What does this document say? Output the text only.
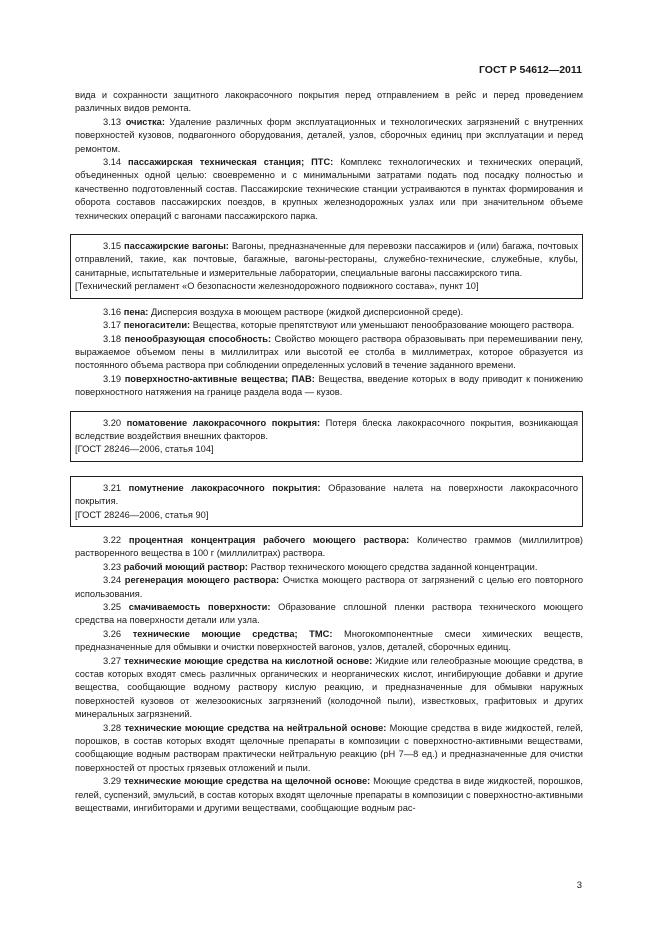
ГОСТ Р 54612—2011

вида и сохранности защитного лакокрасочного покрытия перед отправлением в рейс и перед проведением различных видов ремонта.

3.13 очистка: Удаление различных форм эксплуатационных и технологических загрязнений с внутренних поверхностей кузовов, подвагонного оборудования, деталей, узлов, сборочных единиц при эксплуатации и перед ремонтом.

3.14 пассажирская техническая станция; ПТС: Комплекс технологических и технических операций, объединенных одной целью: своевременно и с минимальными затратами подать под посадку полностью и качественно подготовленный состав. Пассажирские технические станции устраиваются в пунктах формирования и оборота составов пассажирских поездов, в крупных железнодорожных узлах или при значительном объеме технических операций с вагонами пассажирского парка.

3.15 пассажирские вагоны: Вагоны, предназначенные для перевозки пассажиров и (или) багажа, почтовых отправлений, такие, как почтовые, багажные, вагоны-рестораны, служебно-технические, служебные, клубы, санитарные, испытательные и измерительные лаборатории, специальные вагоны пассажирского типа.

[Технический регламент «О безопасности железнодорожного подвижного состава», пункт 10]

3.16 пена: Дисперсия воздуха в моющем растворе (жидкой дисперсионной среде).

3.17 пеногасители: Вещества, которые препятствуют или уменьшают пенообразование моющего раствора.

3.18 пенообразующая способность: Свойство моющего раствора образовывать при перемешивании пену, выражаемое объемом пены в миллилитрах или высотой ее столба в миллиметрах, которое образуется из постоянного объема раствора при соблюдении определенных условий в течение заданного времени.

3.19 поверхностно-активные вещества; ПАВ: Вещества, введение которых в воду приводит к понижению поверхностного натяжения на границе раздела вода — кузов.

3.20 поматовение лакокрасочного покрытия: Потеря блеска лакокрасочного покрытия, возникающая вследствие воздействия внешних факторов.

[ГОСТ 28246—2006, статья 104]

3.21 помутнение лакокрасочного покрытия: Образование налета на поверхности лакокрасочного покрытия.

[ГОСТ 28246—2006, статья 90]

3.22 процентная концентрация рабочего моющего раствора: Количество граммов (миллилитров) растворенного вещества в 100 г (миллилитрах) раствора.

3.23 рабочий моющий раствор: Раствор технического моющего средства заданной концентрации.

3.24 регенерация моющего раствора: Очистка моющего раствора от загрязнений с целью его повторного использования.

3.25 смачиваемость поверхности: Образование сплошной пленки раствора технического моющего средства на поверхности детали или узла.

3.26 технические моющие средства; ТМС: Многокомпонентные смеси химических веществ, предназначенные для обмывки и очистки поверхностей вагонов, узлов, деталей, сборочных единиц.

3.27 технические моющие средства на кислотной основе: Жидкие или гелеобразные моющие средства, в состав которых входят смесь различных органических и неорганических кислот, ингибирующие добавки и другие вещества, сообщающие водному раствору кислую реакцию, и предназначенные для обмывки наружных поверхностей кузовов от железоокисных загрязнений (колодочной пыли), известковых, графитовых и других минеральных загрязнений.

3.28 технические моющие средства на нейтральной основе: Моющие средства в виде жидкостей, гелей, порошков, в состав которых входят щелочные препараты в композиции с поверхностно-активными веществами, сообщающие водным растворам практически нейтральную реакцию (pH 7—8 ед.) и предназначенные для очистки поверхностей от простых грязевых отложений и пыли.

3.29 технические моющие средства на щелочной основе: Моющие средства в виде жидкостей, порошков, гелей, суспензий, эмульсий, в состав которых входят щелочные препараты в композиции с поверхностно-активными веществами, ингибиторами и другими веществами, сообщающие водным рас-

3
